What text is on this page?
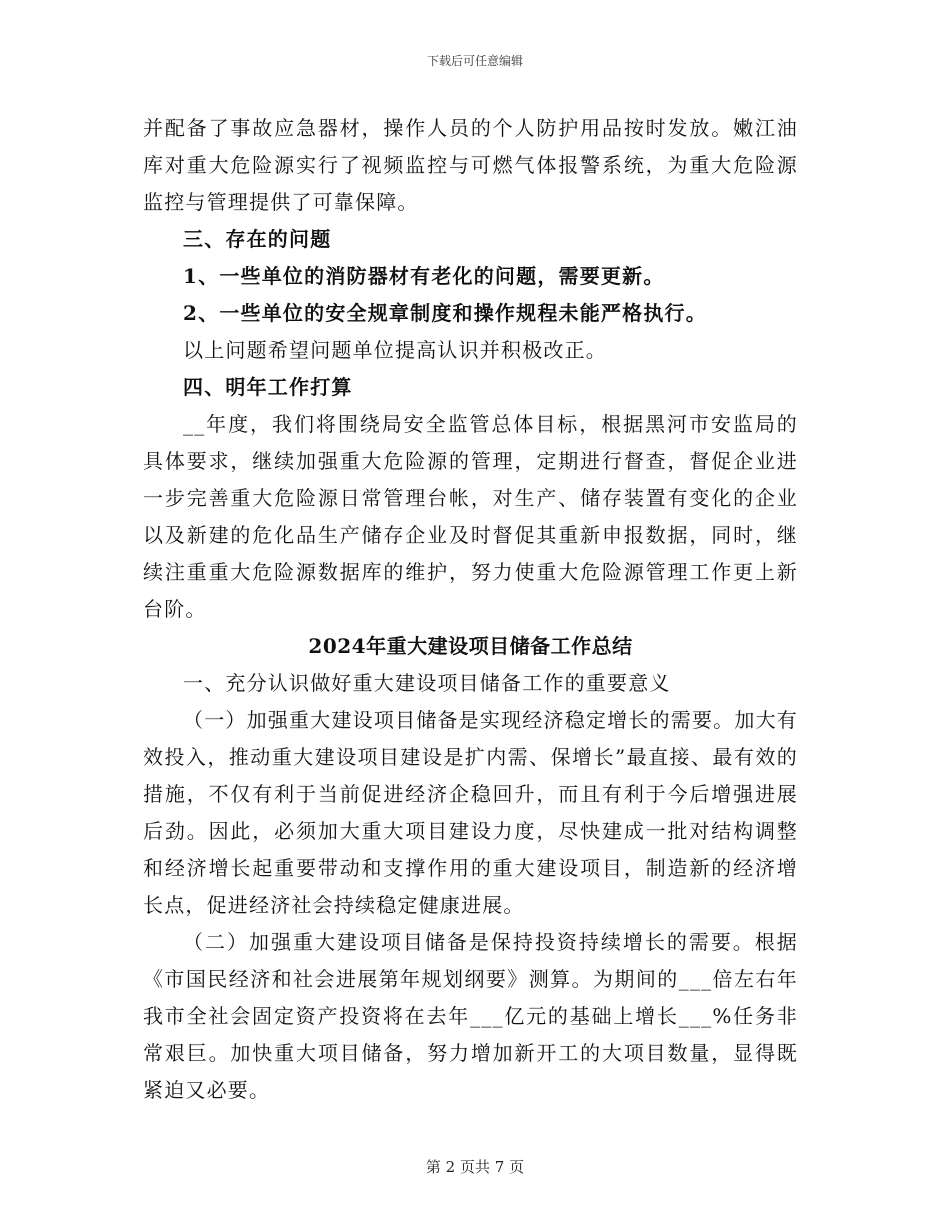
下载后可任意编辑

并配备了事故应急器材，操作人员的个人防护用品按时发放。嫩江油库对重大危险源实行了视频监控与可燃气体报警系统，为重大危险源监控与管理提供了可靠保障。

三、存在的问题

1、一些单位的消防器材有老化的问题，需要更新。

2、一些单位的安全规章制度和操作规程未能严格执行。

以上问题希望问题单位提高认识并积极改正。

四、明年工作打算

__年度，我们将围绕局安全监管总体目标，根据黑河市安监局的具体要求，继续加强重大危险源的管理，定期进行督查，督促企业进一步完善重大危险源日常管理台帐，对生产、储存装置有变化的企业以及新建的危化品生产储存企业及时督促其重新申报数据，同时，继续注重重大危险源数据库的维护，努力使重大危险源管理工作更上新台阶。

2024年重大建设项目储备工作总结

一、充分认识做好重大建设项目储备工作的重要意义

（一）加强重大建设项目储备是实现经济稳定增长的需要。加大有效投入，推动重大建设项目建设是扩内需、保增长”最直接、最有效的措施，不仅有利于当前促进经济企稳回升，而且有利于今后增强进展后劲。因此，必须加大重大项目建设力度，尽快建成一批对结构调整和经济增长起重要带动和支撑作用的重大建设项目，制造新的经济增长点，促进经济社会持续稳定健康进展。

（二）加强重大建设项目储备是保持投资持续增长的需要。根据《市国民经济和社会进展第年规划纲要》测算。为期间的___倍左右年我市全社会固定资产投资将在去年___亿元的基础上增长___%任务非常艰巨。加快重大项目储备，努力增加新开工的大项目数量，显得既紧迫又必要。

第 2 页共 7 页
